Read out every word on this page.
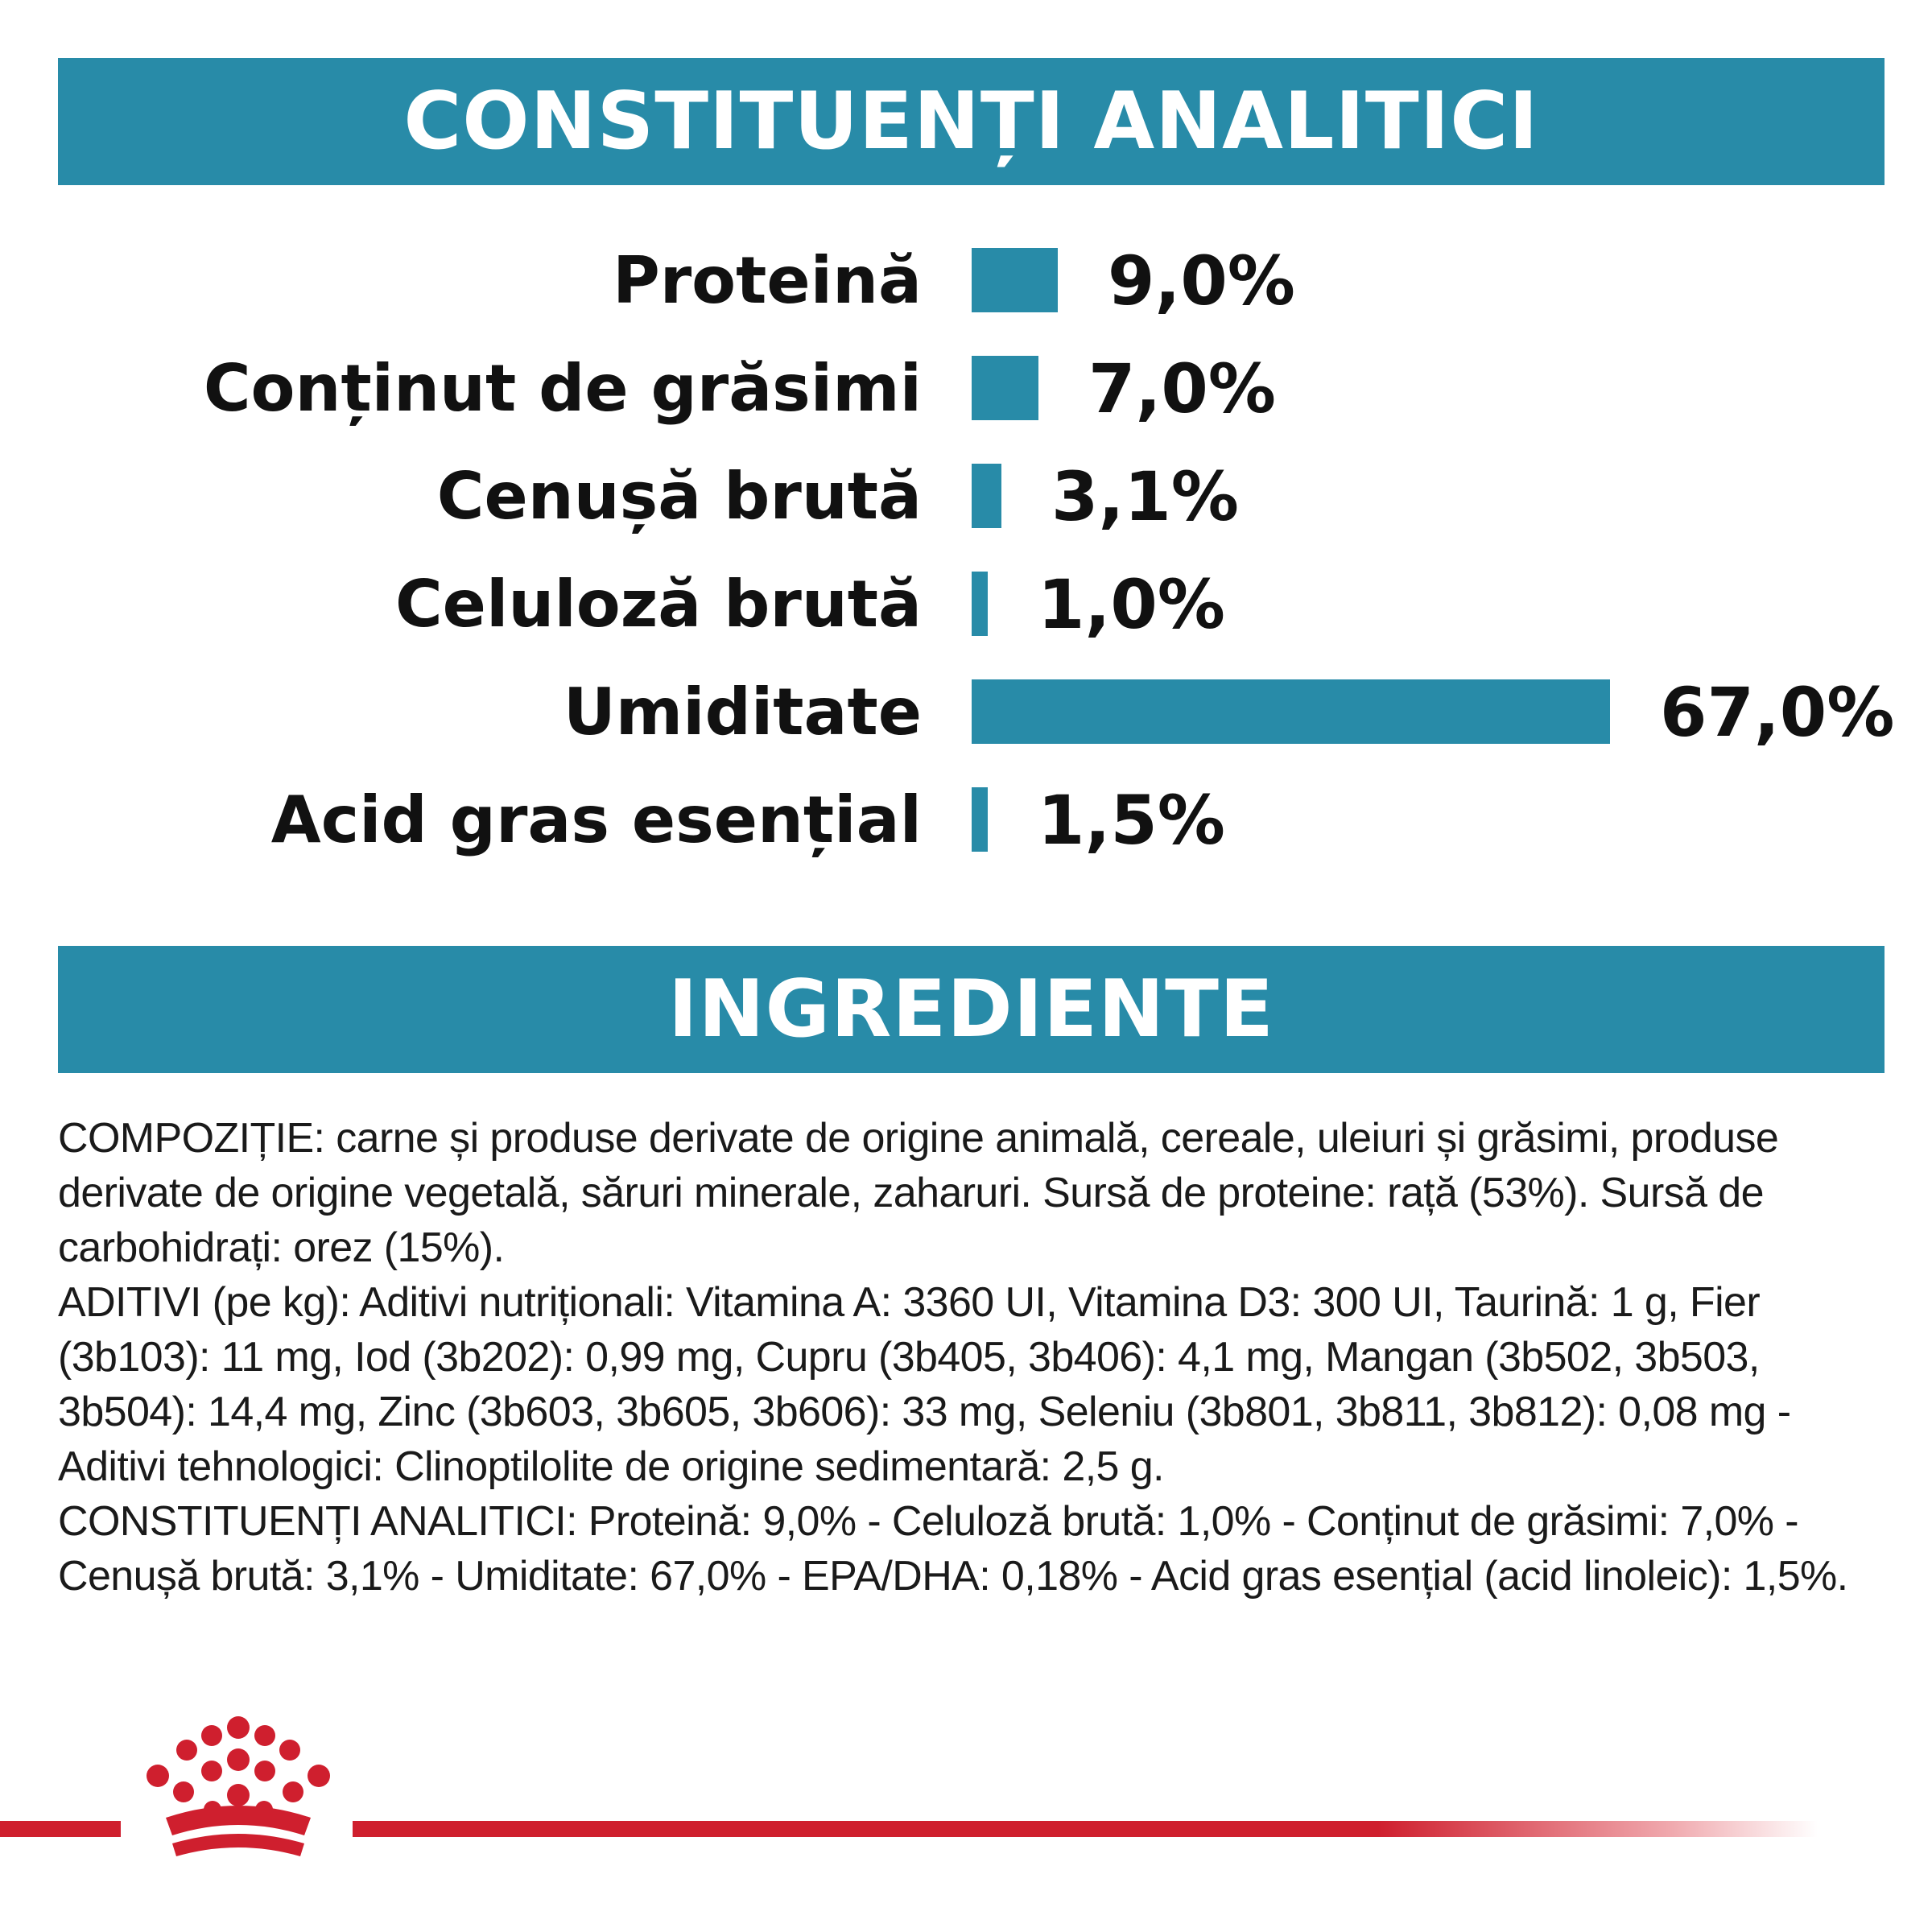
CONSTITUENȚI ANALITICI
Proteină	9,0%
Conținut de grăsimi 7,0%
Cenușă brută 3,1%
Celuloză brută 1,0%
Umiditate	67,0%
Acid gras esențial 1,5%
INGREDIENTE
COMPOZIȚIE: carne și produse derivate de origine animală, cereale, uleiuri și grăsimi, produse
derivate de origine vegetală, săruri minerale, zaharuri. Sursă de proteine: rață (53%). Sursă de
carbohidrați: orez (15%).
ADITIVI (pe kg): Aditivi nutriționali: Vitamina A: 3360 UI, Vitamina D3: 300 UI, Taurină: 1 g, Fier
(3b103): 11 mg, Iod (3b202): 0,99 mg, Cupru (3b405, 3b406): 4,1 mg, Mangan (3b502, 3b503,
3b504): 14,4 mg, Zinc (3b603, 3b605, 3b606): 33 mg, Seleniu (3b801, 3b811, 3b812): 0,08 mg -
Aditivi tehnologici: Clinoptilolite de origine sedimentară: 2,5 g.
CONSTITUENȚI ANALITICI: Proteină: 9,0% - Celuloză brută: 1,0% - Conținut de grăsimi: 7,0% -
Cenușă brută: 3,1% - Umiditate: 67,0% - EPA/DHA: 0,18% - Acid gras esențial (acid linoleic): 1,5%.
